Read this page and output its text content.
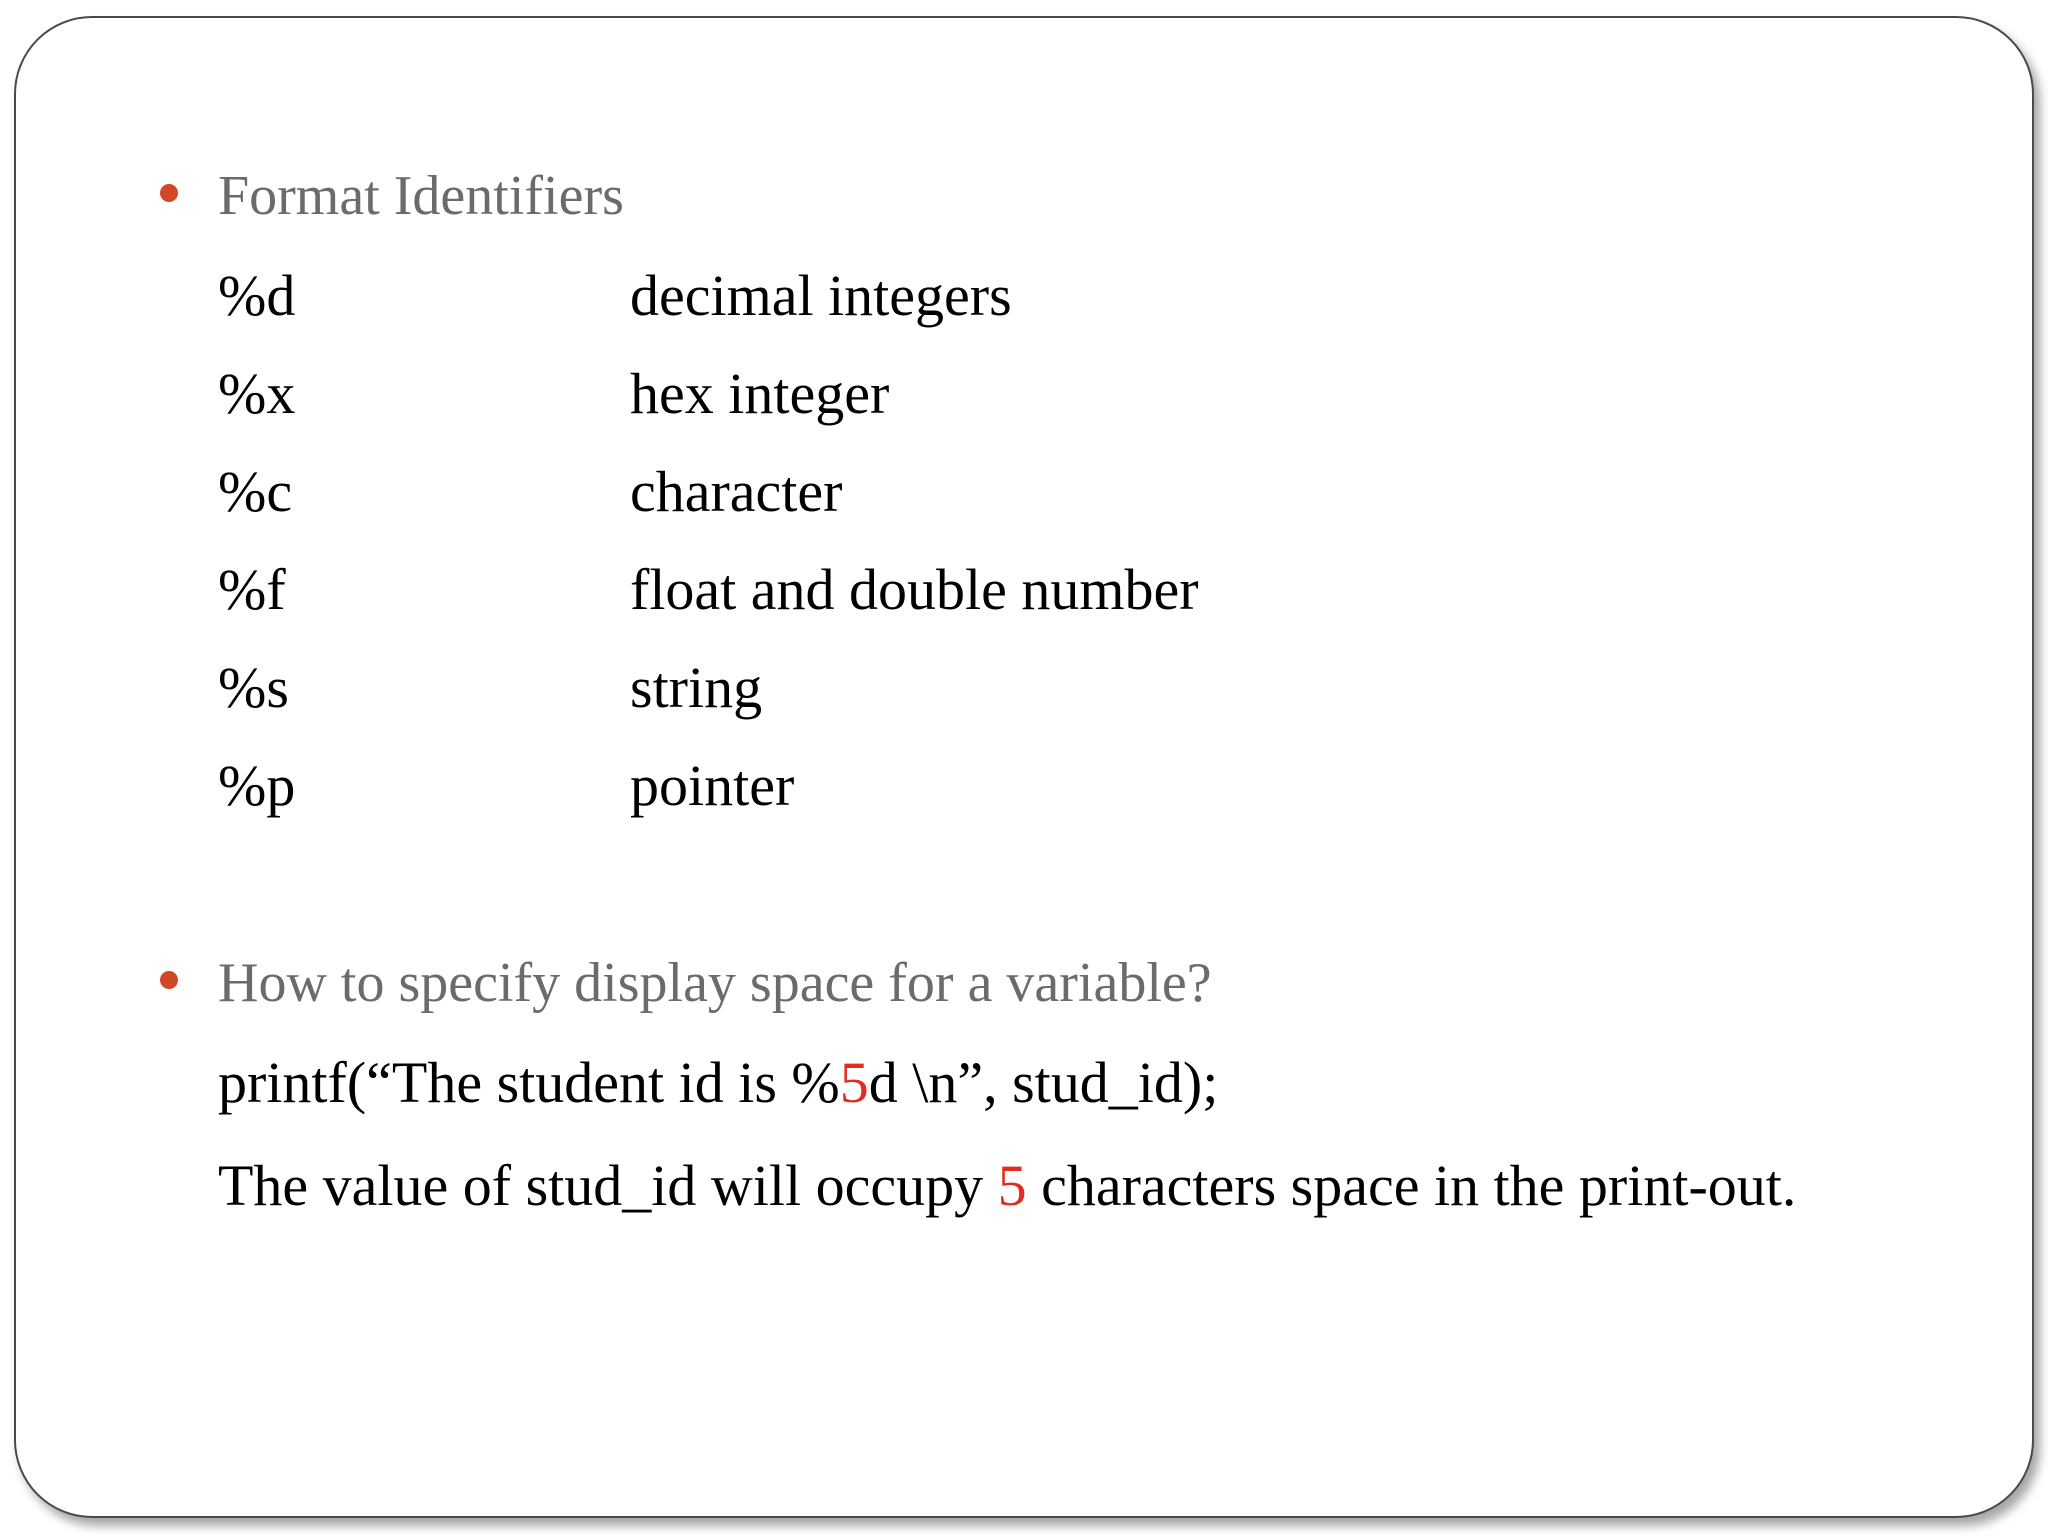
Format Identifiers
%d	decimal integers
%x	hex integer
%c	character
%f	float and double number
%s	string
%p	pointer
How to specify display space for a variable?
printf(“The student id is %5d \n”, stud_id);
The value of stud_id will occupy 5 characters space in the print-out.
